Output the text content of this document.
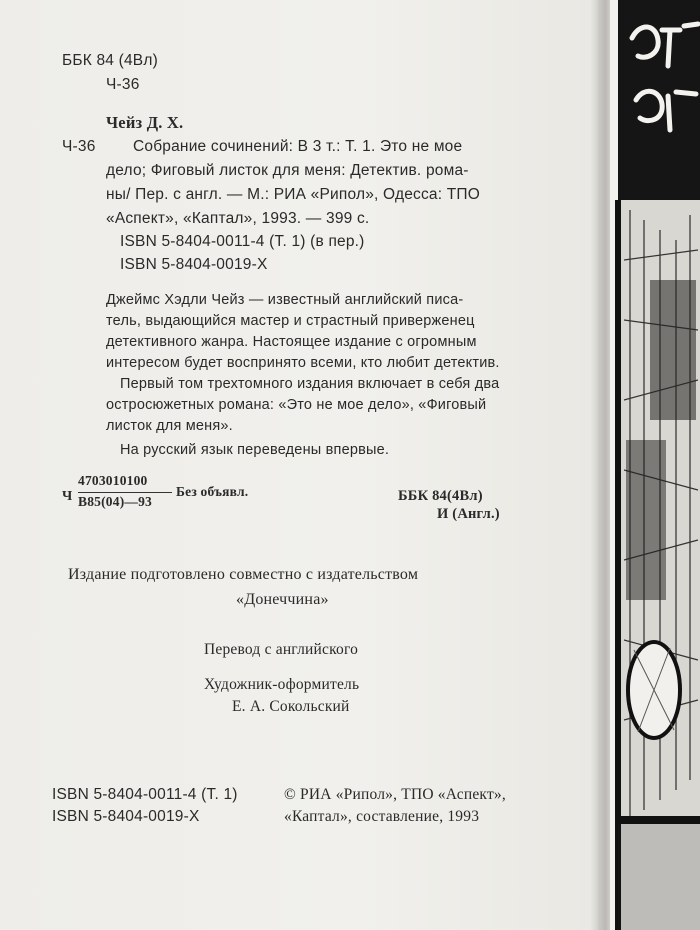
ББК 84 (4Вл)

Ч-36

Чейз Д. Х.

Ч-36 Собрание сочинений: В 3 т.: Т. 1. Это не мое

дело; Фиговый листок для меня: Детектив. рома-

ны/ Пер. с англ. — М.: РИА «Рипол», Одесса: ТПО

«Аспект», «Каптал», 1993. — 399 с.

ISBN 5-8404-0011-4 (Т. 1) (в пер.)

ISBN 5-8404-0019-X

Джеймс Хэдли Чейз — известный английский писа-

тель, выдающийся мастер и страстный приверженец

детективного жанра. Настоящее издание с огромным

интересом будет воспринято всеми, кто любит детектив.

Первый том трехтомного издания включает в себя два

остросюжетных романа: «Это не мое дело», «Фиговый

листок для меня».

На русский язык переведены впервые.

Ч

4703010100

В85(04)—93

Без объявл.	ББК 84(4Вл)

И (Англ.)

Издание подготовлено совместно с издательством

«Донеччина»

Перевод с английского

Художник-оформитель

Е. А. Сокольский

ISBN 5-8404-0011-4 (Т. 1)

ISBN 5-8404-0019-X

© РИА «Рипол», ТПО «Аспект»,

«Каптал», составление, 1993
